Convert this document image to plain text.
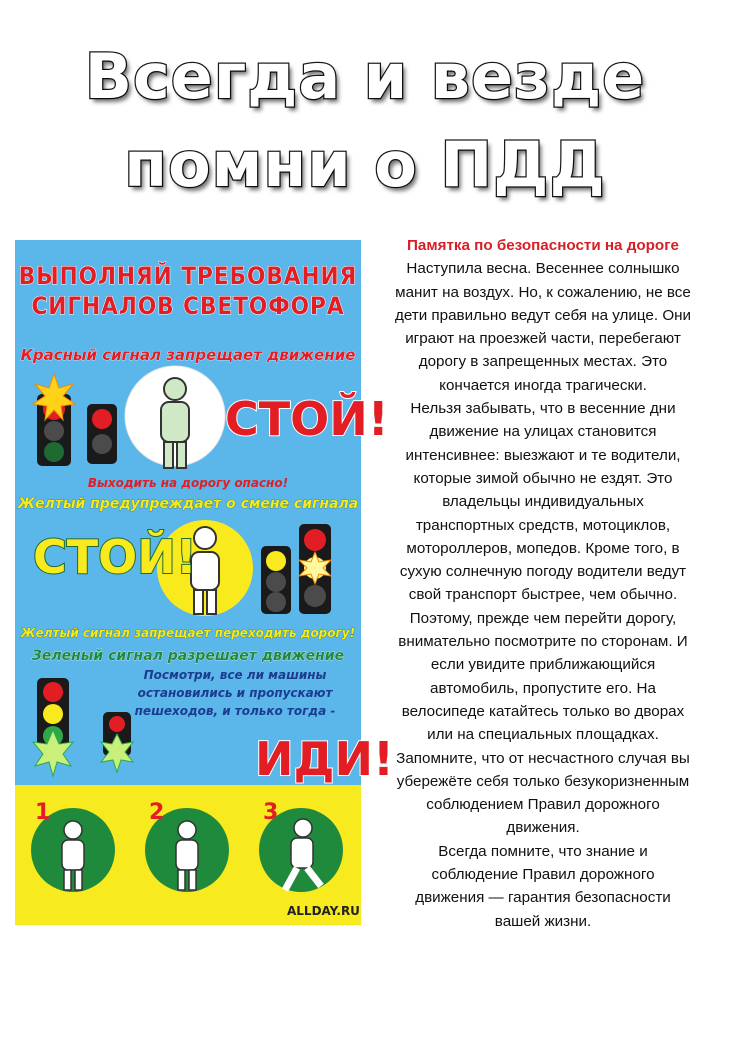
Всегда и везде
помни о ПДД
ВЫПОЛНЯЙ ТРЕБОВАНИЯ
СИГНАЛОВ СВЕТОФОРА
Красный сигнал запрещает движение
СТОЙ!
Выходить на дорогу опасно!
Желтый предупреждает о смене сигнала
СТОЙ!
Желтый сигнал запрещает переходить дорогу!
Зеленый сигнал разрешает движение
Посмотри, все ли машины
остановились и пропускают
пешеходов, и только тогда -
ИДИ!
1	2	3
ALLDAY.RU

Памятка по безопасности на дороге

Наступила весна. Весеннее солнышко

манит на воздух. Но, к сожалению, не все

дети правильно ведут себя на улице. Они

играют на проезжей части, перебегают

дорогу в запрещенных местах. Это

кончается иногда трагически.

Нельзя забывать, что в весенние дни

движение на улицах становится

интенсивнее: выезжают и те водители,

которые зимой обычно не ездят. Это

владельцы индивидуальных

транспортных средств, мотоциклов,

мотороллеров, мопедов. Кроме того, в

сухую солнечную погоду водители ведут

свой транспорт быстрее, чем обычно.

Поэтому, прежде чем перейти дорогу,

внимательно посмотрите по сторонам. И

если увидите приближающийся

автомобиль, пропустите его. На

велосипеде катайтесь только во дворах

или на специальных площадках.

Запомните, что от несчастного случая вы

убережёте себя только безукоризненным

соблюдением Правил дорожного

движения.

Всегда помните, что знание и

соблюдение Правил дорожного

движения — гарантия безопасности

вашей жизни.
